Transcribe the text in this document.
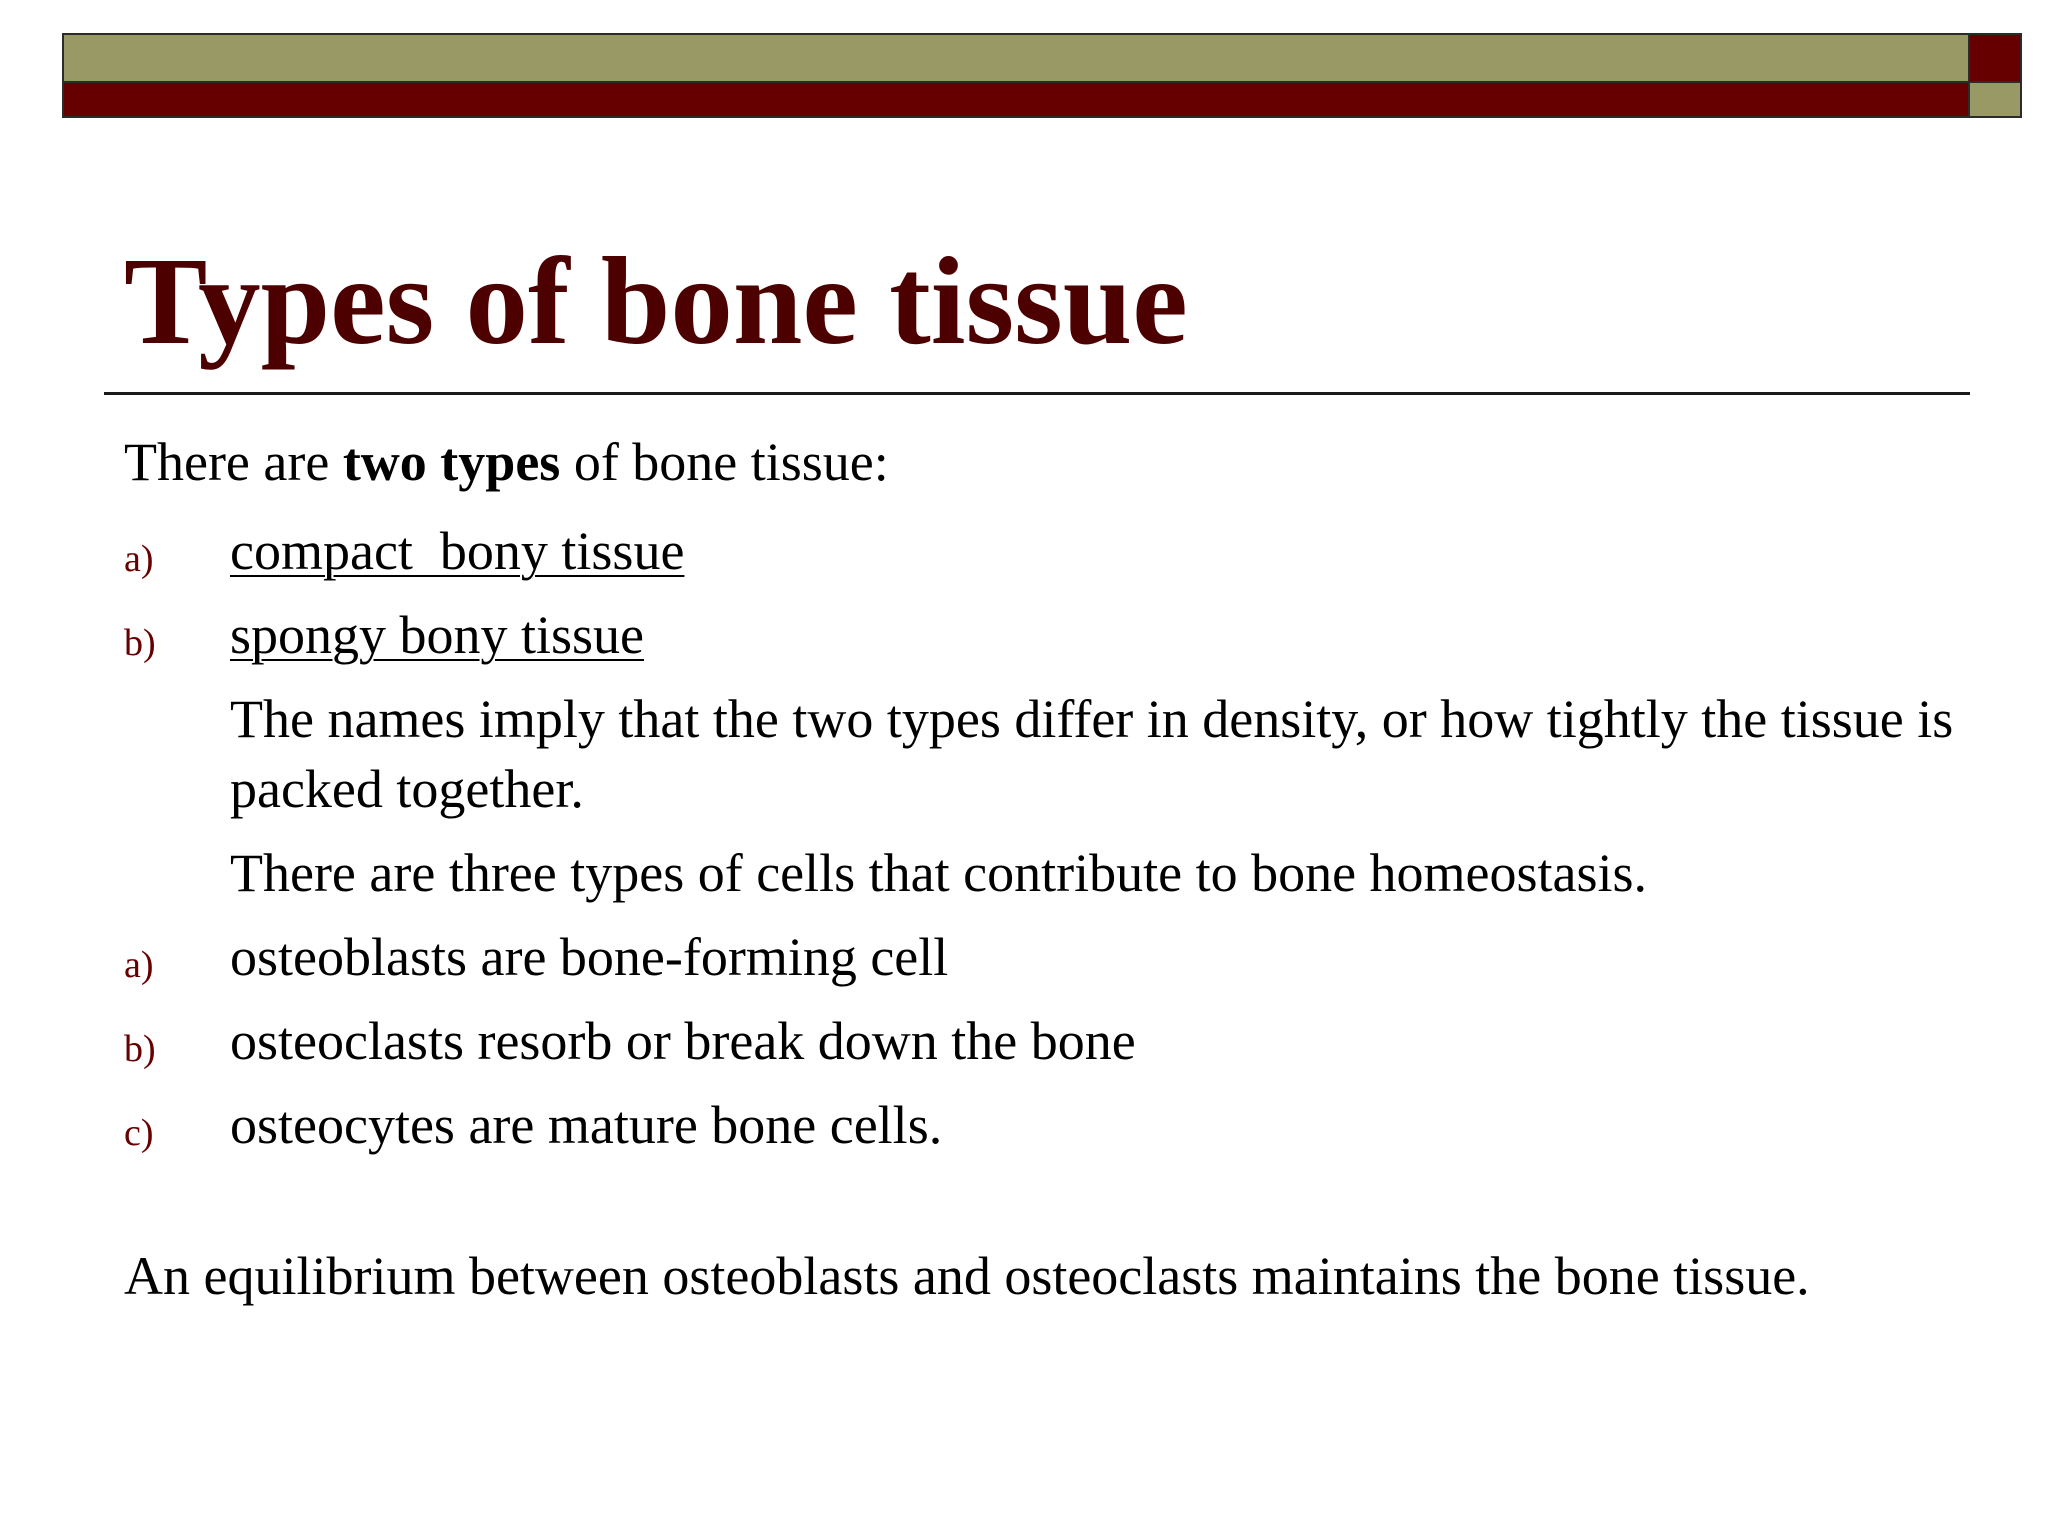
Types of bone tissue

There are two types of bone tissue:

a) compact  bony tissue
b) spongy bony tissue

The names imply that the two types differ in density, or how tightly the tissue is packed together.

There are three types of cells that contribute to bone homeostasis.

a) osteoblasts are bone-forming cell
b) osteoclasts resorb or break down the bone
c) osteocytes are mature bone cells.

An equilibrium between osteoblasts and osteoclasts maintains the bone tissue.
